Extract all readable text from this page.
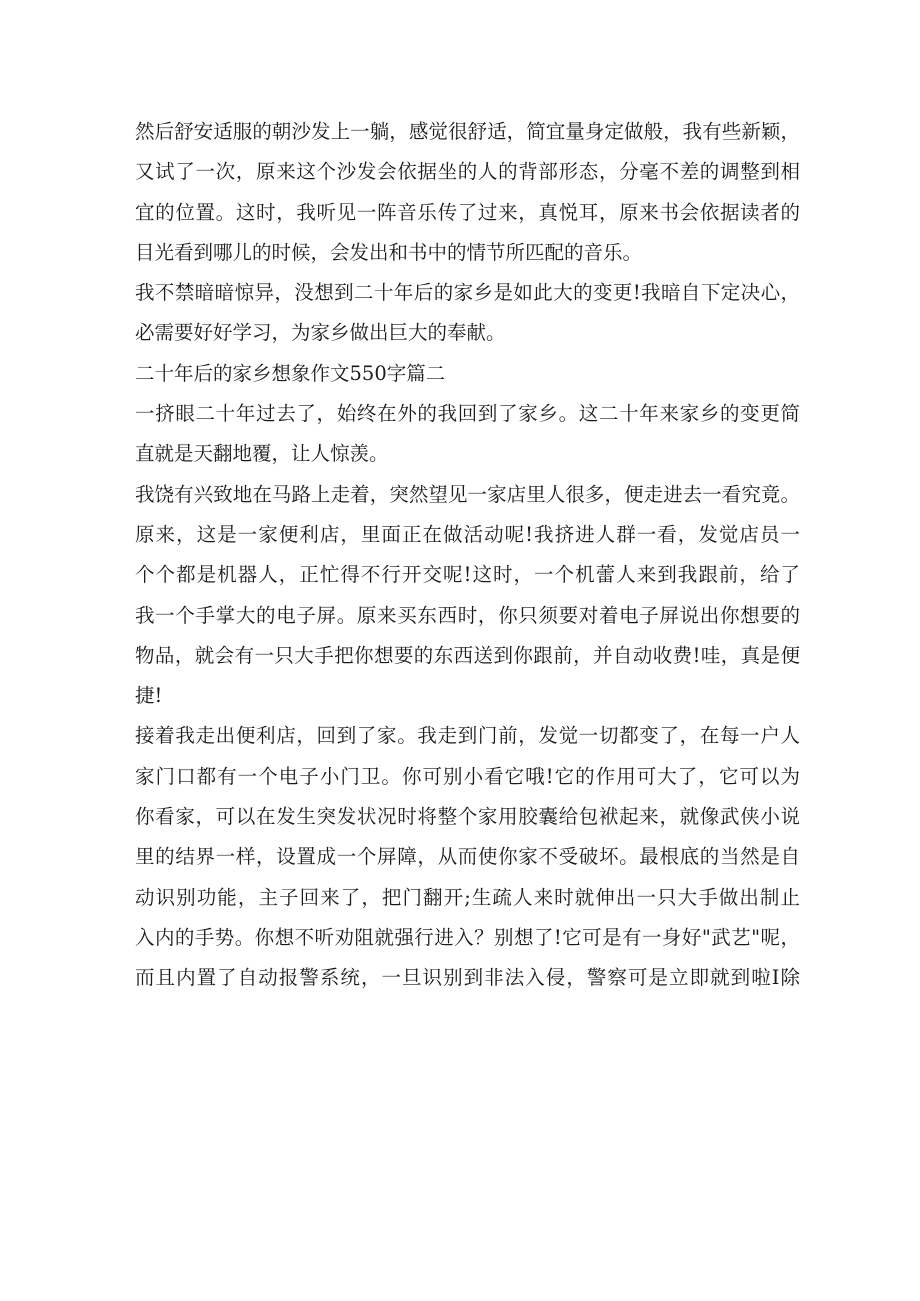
然后舒安适服的朝沙发上一躺，感觉很舒适，简宜量身定做般，我有些新颖，
又试了一次，原来这个沙发会依据坐的人的背部形态，分毫不差的调整到相
宜的位置。这时，我听见一阵音乐传了过来，真悦耳，原来书会依据读者的
目光看到哪儿的时候，会发出和书中的情节所匹配的音乐。
我不禁暗暗惊异，没想到二十年后的家乡是如此大的变更!我暗自下定决心，
必需要好好学习，为家乡做出巨大的奉献。
二十年后的家乡想象作文550字篇二
一挤眼二十年过去了，始终在外的我回到了家乡。这二十年来家乡的变更简
直就是天翻地覆，让人惊羡。
我饶有兴致地在马路上走着，突然望见一家店里人很多，便走进去一看究竟。
原来，这是一家便利店，里面正在做活动呢!我挤进人群一看，发觉店员一
个个都是机器人，正忙得不行开交呢!这时，一个机蕾人来到我跟前，给了
我一个手掌大的电子屏。原来买东西时，你只须要对着电子屏说出你想要的
物品，就会有一只大手把你想要的东西送到你跟前，并自动收费!哇，真是便
捷!
接着我走出便利店，回到了家。我走到门前，发觉一切都变了，在每一户人
家门口都有一个电子小门卫。你可别小看它哦!它的作用可大了，它可以为
你看家，可以在发生突发状况时将整个家用胶囊给包袱起来，就像武侠小说
里的结界一样，设置成一个屏障，从而使你家不受破坏。最根底的当然是自
动识别功能，主子回来了，把门翻开;生疏人来时就伸出一只大手做出制止
入内的手势。你想不听劝阻就强行进入？别想了!它可是有一身好"武艺"呢，
而且内置了自动报警系统，一旦识别到非法入侵，警察可是立即就到啦I除
